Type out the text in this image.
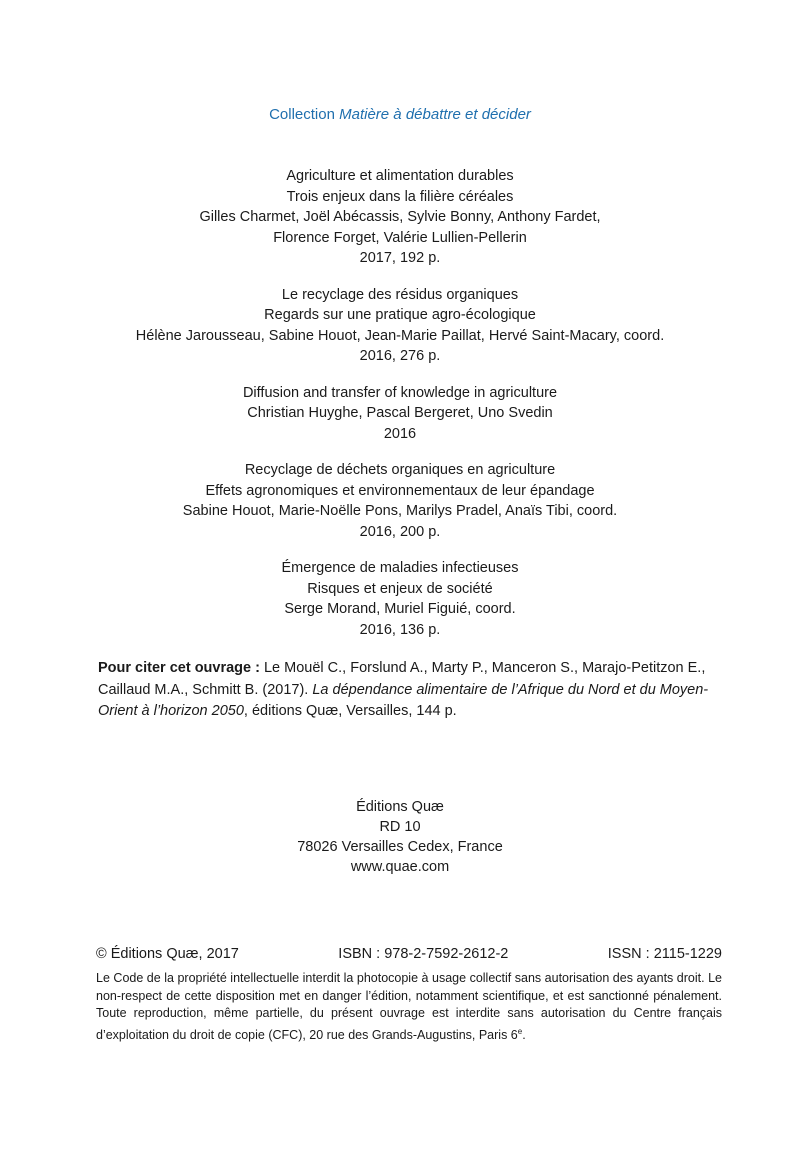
Collection Matière à débattre et décider
Agriculture et alimentation durables
Trois enjeux dans la filière céréales
Gilles Charmet, Joël Abécassis, Sylvie Bonny, Anthony Fardet,
Florence Forget, Valérie Lullien-Pellerin
2017, 192 p.
Le recyclage des résidus organiques
Regards sur une pratique agro-écologique
Hélène Jarousseau, Sabine Houot, Jean-Marie Paillat, Hervé Saint-Macary, coord.
2016, 276 p.
Diffusion and transfer of knowledge in agriculture
Christian Huyghe, Pascal Bergeret, Uno Svedin
2016
Recyclage de déchets organiques en agriculture
Effets agronomiques et environnementaux de leur épandage
Sabine Houot, Marie-Noëlle Pons, Marilys Pradel, Anaïs Tibi, coord.
2016, 200 p.
Émergence de maladies infectieuses
Risques et enjeux de société
Serge Morand, Muriel Figuié, coord.
2016, 136 p.
Pour citer cet ouvrage : Le Mouël C., Forslund A., Marty P., Manceron S., Marajo-Petitzon E., Caillaud M.A., Schmitt B. (2017). La dépendance alimentaire de l’Afrique du Nord et du Moyen-Orient à l’horizon 2050, éditions Quæ, Versailles, 144 p.
Éditions Quæ
RD 10
78026 Versailles Cedex, France
www.quae.com
© Éditions Quæ, 2017	ISBN : 978-2-7592-2612-2	ISSN : 2115-1229
Le Code de la propriété intellectuelle interdit la photocopie à usage collectif sans autorisation des ayants droit. Le non-respect de cette disposition met en danger l’édition, notamment scientifique, et est sanctionné pénalement. Toute reproduction, même partielle, du présent ouvrage est interdite sans autorisation du Centre français d’exploitation du droit de copie (CFC), 20 rue des Grands-Augustins, Paris 6e.
